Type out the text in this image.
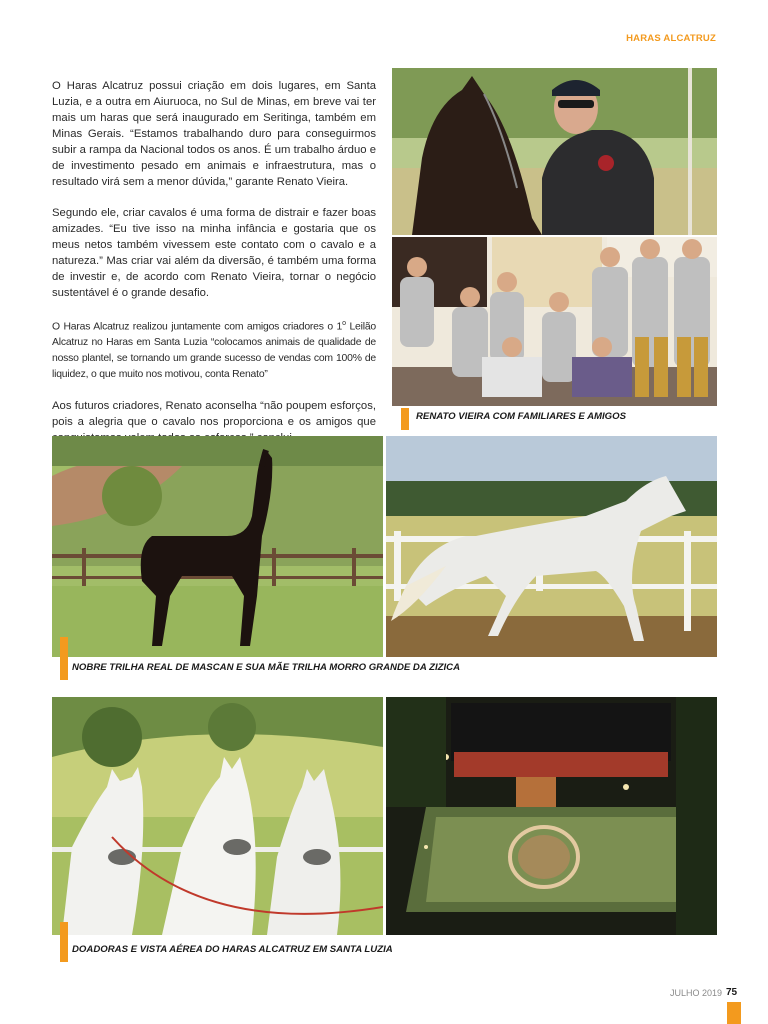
HARAS ALCATRUZ

O Haras Alcatruz possui criação em dois lugares, em Santa Luzia, e a outra em Aiuruoca, no Sul de Minas, em breve vai ter mais um haras que será inaugurado em Seritinga, também em Minas Gerais. “Estamos trabalhando duro para conseguirmos subir a rampa da Nacional todos os anos. É um trabalho árduo e de investimento pesado em animais e infraestrutura, mas o resultado virá sem a menor dúvida,” garante Renato Vieira.

Segundo ele, criar cavalos é uma forma de distrair e fazer boas amizades. “Eu tive isso na minha infância e gostaria que os meus netos também vivessem este contato com o cavalo e a natureza.” Mas criar vai além da diversão, é também uma forma de investir e, de acordo com Renato Vieira, tornar o negócio sustentável é o grande desafio.

O Haras Alcatruz realizou juntamente com amigos criadores o 1$^o$ Leilão Alcatruz no Haras em Santa Luzia “colocamos animais de qualidade de nosso plantel, se tornando um grande sucesso de vendas com 100% de liquidez, o que muito nos motivou, conta Renato”

Aos futuros criadores, Renato aconselha “não poupem esforços, pois a alegria que o cavalo nos proporciona e os amigos que	RENATO VIEIRA COM FAMILIARES E AMIGOS
NOBRE TRILHA REAL DE MASCAN E SUA MÃE TRILHA MORRO GRANDE DA ZIZICA
DOADORAS E VISTA AÉREA DO HARAS ALCATRUZ EM SANTA LUZIA
JULHO 2019 75
